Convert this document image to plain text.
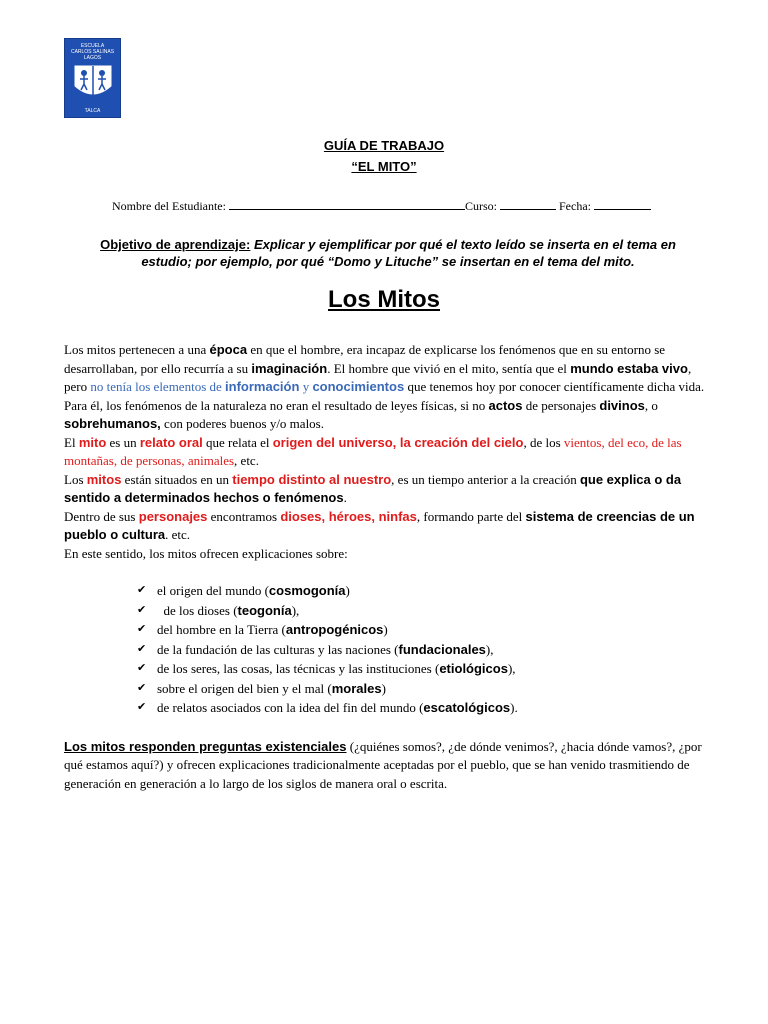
ESCUELA
CARLOS SALINAS
LAGOS
TALCA
GUÍA DE TRABAJO
“EL MITO”
Nombre del Estudiante:	Curso:	Fecha:
Objetivo de aprendizaje: Explicar y ejemplificar por qué el texto leído se inserta en el tema en estudio; por ejemplo, por qué “Domo y Lituche” se insertan en el tema del mito.
Los Mitos
Los mitos pertenecen a una época en que el hombre, era incapaz de explicarse los fenómenos que en su entorno se desarrollaban, por ello recurría a su imaginación. El hombre que vivió en el mito, sentía que el mundo estaba vivo, pero no tenía los elementos de información y conocimientos que tenemos hoy por conocer científicamente dicha vida. Para él, los fenómenos de la naturaleza no eran el resultado de leyes físicas, si no actos de personajes divinos, o sobrehumanos, con poderes buenos y/o malos.
El mito es un relato oral que relata el origen del universo, la creación del cielo, de los vientos, del eco, de las montañas, de personas, animales, etc.
Los mitos están situados en un tiempo distinto al nuestro, es un tiempo anterior a la creación que explica o da sentido a determinados hechos o fenómenos.
Dentro de sus personajes encontramos dioses, héroes, ninfas, formando parte del sistema de creencias de un pueblo o cultura. etc.
En este sentido, los mitos ofrecen explicaciones sobre:
✔ el origen del mundo (cosmogonía)
✔ de los dioses (teogonía),
✔ del hombre en la Tierra (antropogénicos)
✔ de la fundación de las culturas y las naciones (fundacionales),
✔ de los seres, las cosas, las técnicas y las instituciones (etiológicos),
✔ sobre el origen del bien y el mal (morales)
✔ de relatos asociados con la idea del fin del mundo (escatológicos).
Los mitos responden preguntas existenciales (¿quiénes somos?, ¿de dónde venimos?, ¿hacia dónde vamos?, ¿por qué estamos aquí?) y ofrecen explicaciones tradicionalmente aceptadas por el pueblo, que se han venido trasmitiendo de generación en generación a lo largo de los siglos de manera oral o escrita.
